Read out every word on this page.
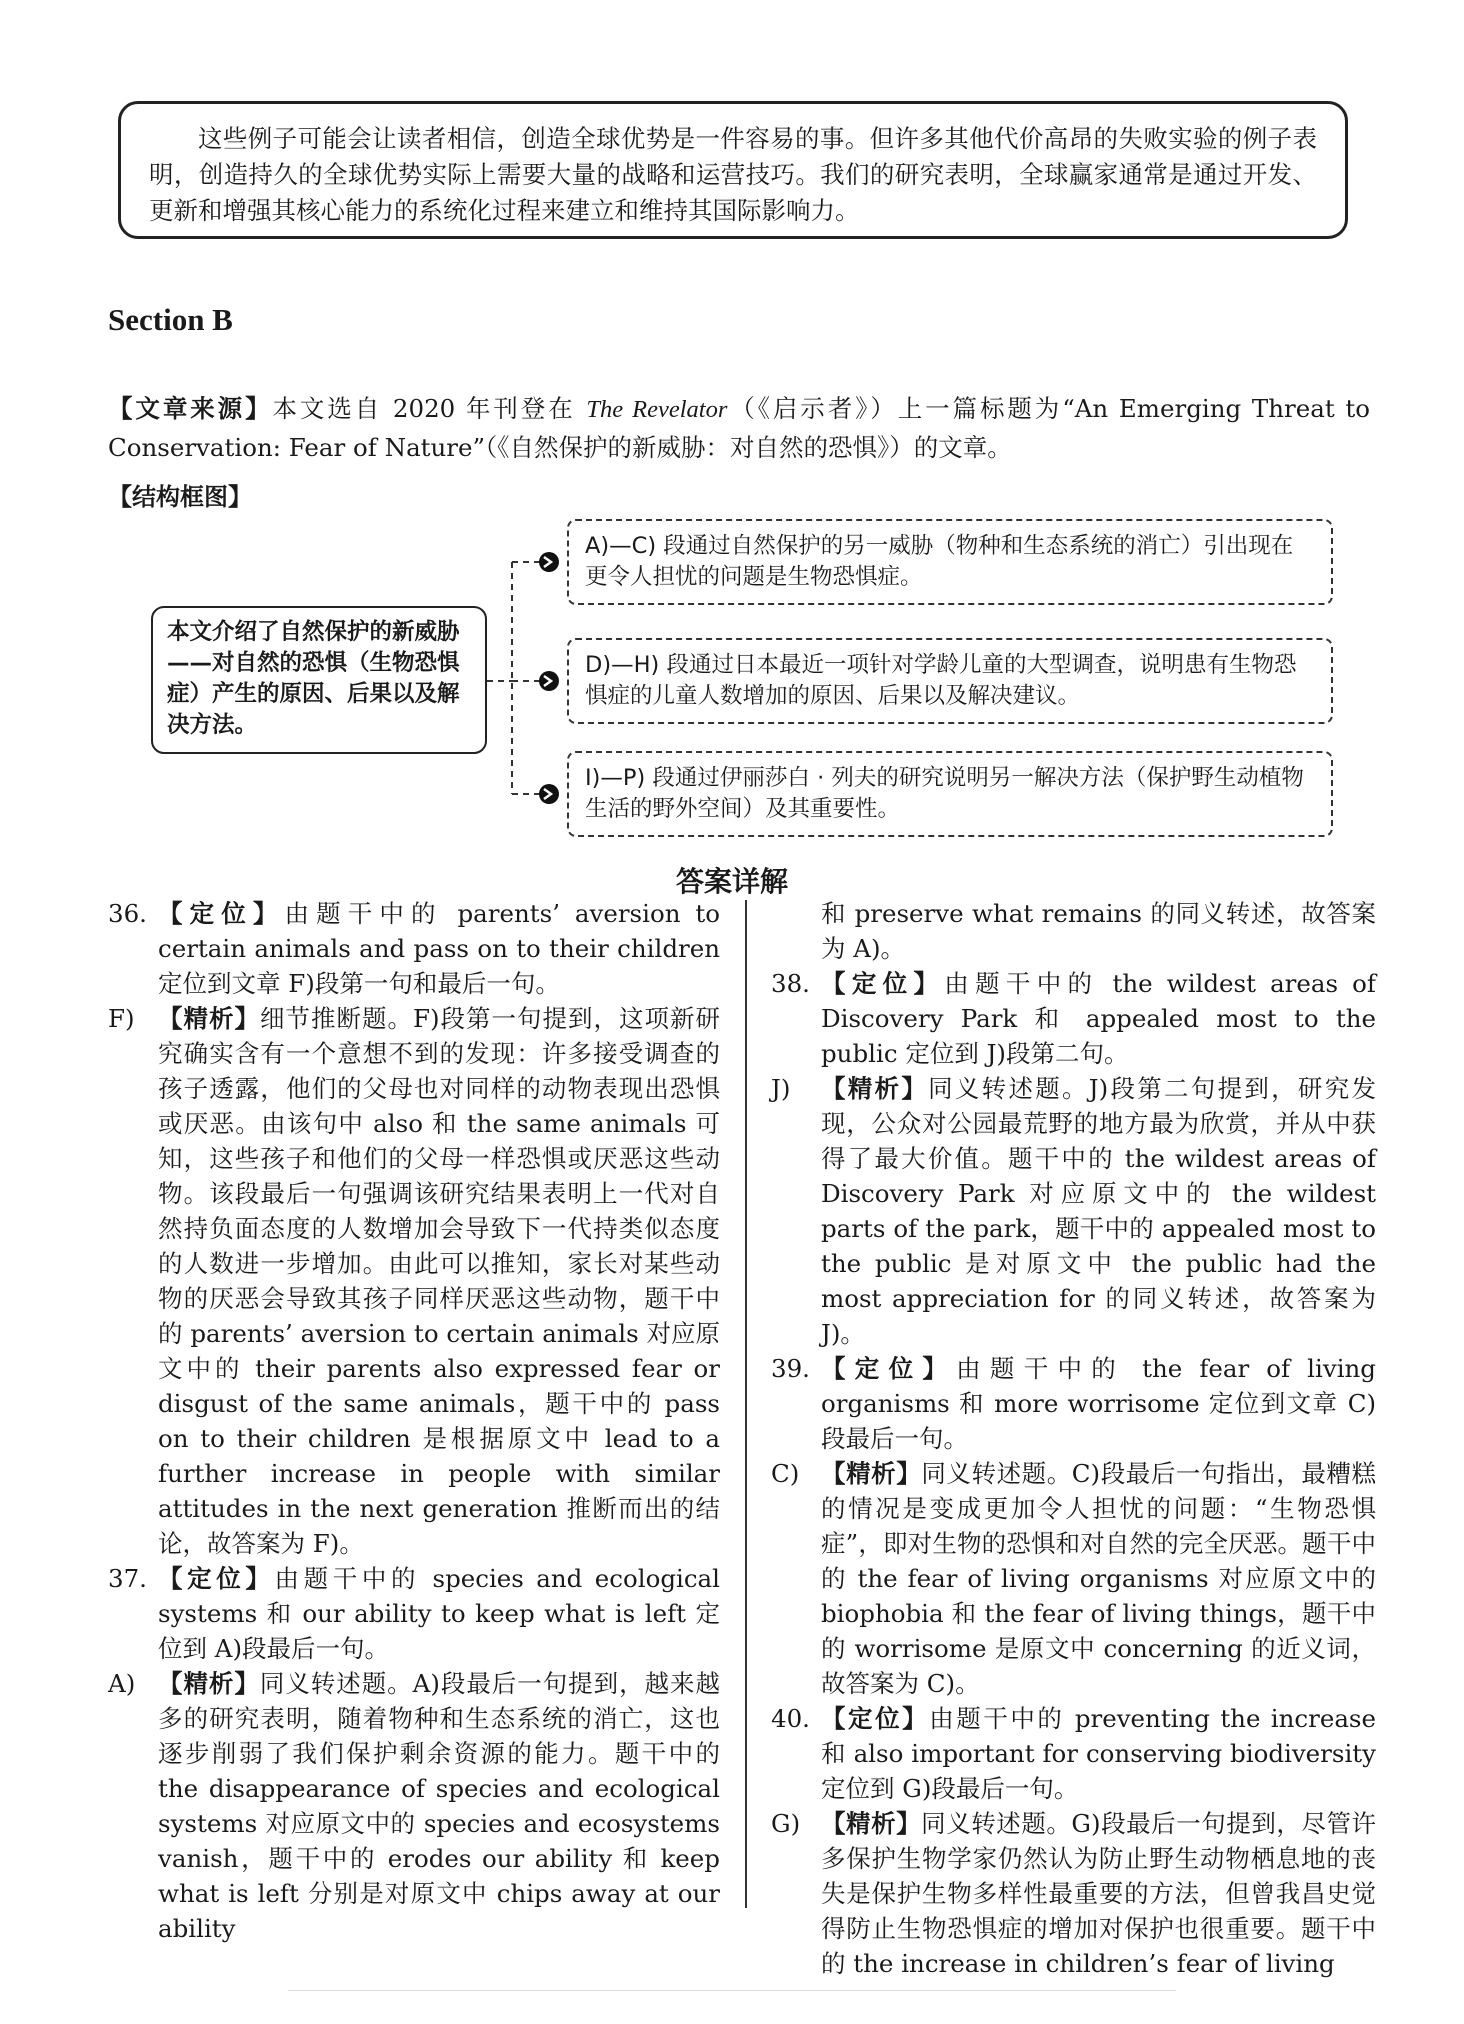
这些例子可能会让读者相信，创造全球优势是一件容易的事。但许多其他代价高昂的失败实验的例子表明，创造持久的全球优势实际上需要大量的战略和运营技巧。我们的研究表明，全球赢家通常是通过开发、更新和增强其核心能力的系统化过程来建立和维持其国际影响力。

Section B
【文章来源】本文选自 2020 年刊登在 The Revelator（《启示者》）上一篇标题为“An Emerging Threat to Conservation: Fear of Nature”（《自然保护的新威胁：对自然的恐惧》）的文章。
【结构框图】
本文介绍了自然保护的新威胁——对自然的恐惧（生物恐惧症）产生的原因、后果以及解决方法。
A)—C) 段通过自然保护的另一威胁（物种和生态系统的消亡）引出现在更令人担忧的问题是生物恐惧症。
D)—H) 段通过日本最近一项针对学龄儿童的大型调查，说明患有生物恐惧症的儿童人数增加的原因、后果以及解决建议。
I)—P) 段通过伊丽莎白 · 列夫的研究说明另一解决方法（保护野生动植物生活的野外空间）及其重要性。
答案详解

36. 【定位】由题干中的 parents’ aversion to certain animals and pass on to their children 定位到文章 F)段第一句和最后一句。

F) 【精析】细节推断题。F)段第一句提到，这项新研究确实含有一个意想不到的发现：许多接受调查的孩子透露，他们的父母也对同样的动物表现出恐惧或厌恶。由该句中 also 和 the same animals 可知，这些孩子和他们的父母一样恐惧或厌恶这些动物。该段最后一句强调该研究结果表明上一代对自然持负面态度的人数增加会导致下一代持类似态度的人数进一步增加。由此可以推知，家长对某些动物的厌恶会导致其孩子同样厌恶这些动物，题干中的 parents’ aversion to certain animals 对应原文中的 their parents also expressed fear or disgust of the same animals，题干中的 pass on to their children 是根据原文中 lead to a further increase in people with similar attitudes in the next generation 推断而出的结论，故答案为 F)。

37. 【定位】由题干中的 species and ecological systems 和 our ability to keep what is left 定位到 A)段最后一句。

A) 【精析】同义转述题。A)段最后一句提到，越来越多的研究表明，随着物种和生态系统的消亡，这也逐步削弱了我们保护剩余资源的能力。题干中的 the disappearance of species and ecological systems 对应原文中的 species and ecosystems vanish，题干中的 erodes our ability 和 keep what is left 分别是对原文中 chips away at our ability

和 preserve what remains 的同义转述，故答案为 A)。

38. 【定位】由题干中的 the wildest areas of Discovery Park 和 appealed most to the public 定位到 J)段第二句。

J) 【精析】同义转述题。J)段第二句提到，研究发现，公众对公园最荒野的地方最为欣赏，并从中获得了最大价值。题干中的 the wildest areas of Discovery Park 对应原文中的 the wildest parts of the park，题干中的 appealed most to the public 是对原文中 the public had the most appreciation for 的同义转述，故答案为 J)。

39. 【定位】由题干中的 the fear of living organisms 和 more worrisome 定位到文章 C)段最后一句。

C) 【精析】同义转述题。C)段最后一句指出，最糟糕的情况是变成更加令人担忧的问题：“生物恐惧症”，即对生物的恐惧和对自然的完全厌恶。题干中的 the fear of living organisms 对应原文中的 biophobia 和 the fear of living things，题干中的 worrisome 是原文中 concerning 的近义词，故答案为 C)。

40. 【定位】由题干中的 preventing the increase 和 also important for conserving biodiversity 定位到 G)段最后一句。

G) 【精析】同义转述题。G)段最后一句提到，尽管许多保护生物学家仍然认为防止野生动物栖息地的丧失是保护生物多样性最重要的方法，但曾我昌史觉得防止生物恐惧症的增加对保护也很重要。题干中的 the increase in children’s fear of living
